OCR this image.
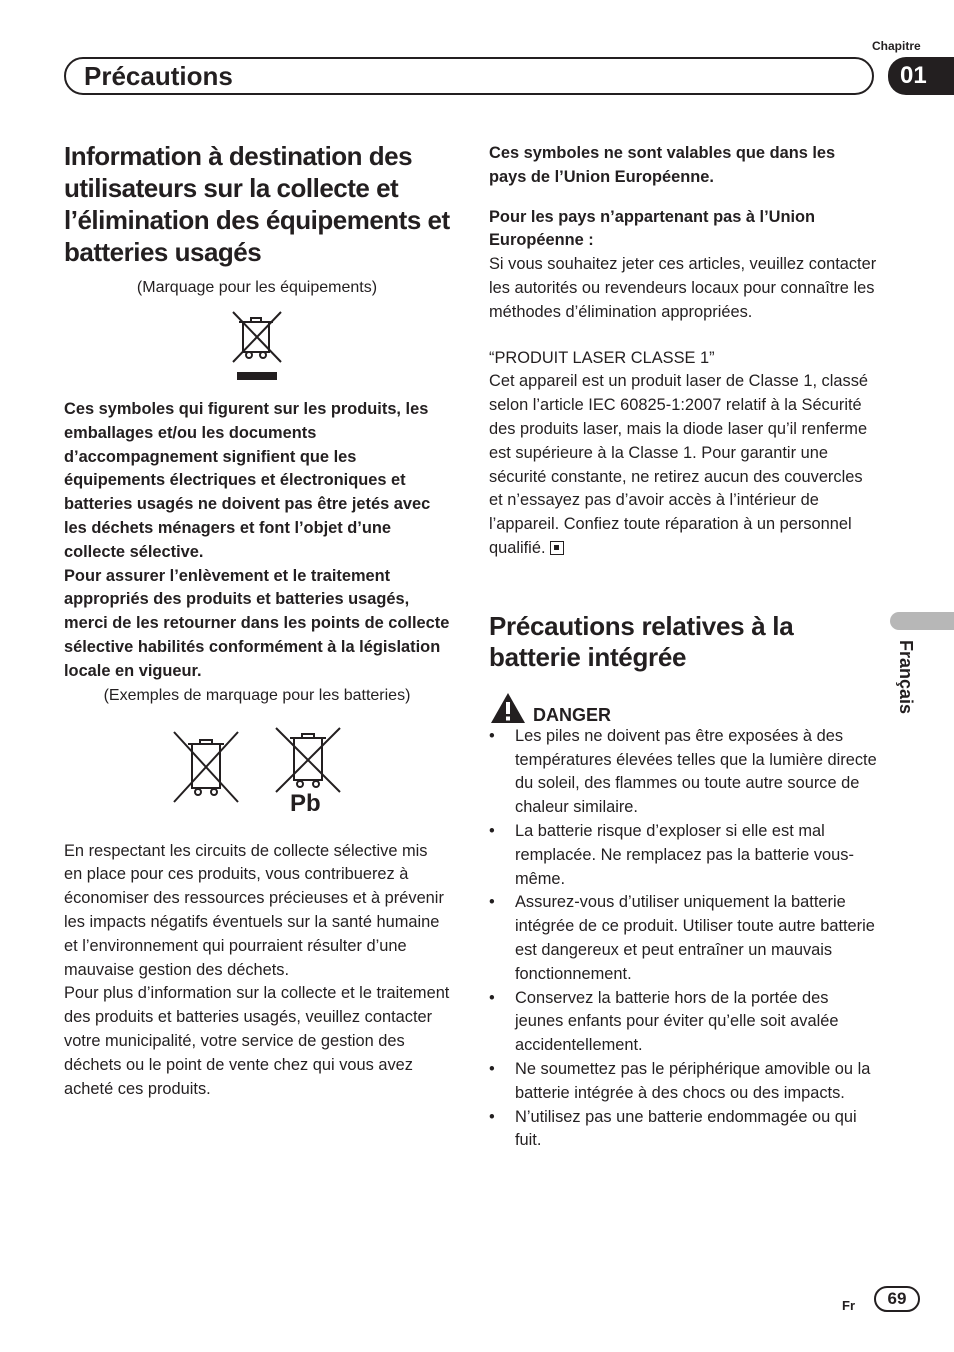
Chapitre
01
Précautions
Français
Information à destination des utilisateurs sur la collecte et l’élimination des équipements et batteries usagés
(Marquage pour les équipements)

Ces symboles qui figurent sur les produits, les emballages et/ou les documents d’accompagnement signifient que les équipements électriques et électroniques et batteries usagés ne doivent pas être jetés avec les déchets ménagers et font l’objet d’une collecte sélective.

Pour assurer l’enlèvement et le traitement appropriés des produits et batteries usagés, merci de les retourner dans les points de collecte sélective habilités conformément à la législation locale en vigueur.

(Exemples de marquage pour les batteries)
Pb

En respectant les circuits de collecte sélective mis en place pour ces produits, vous contribuerez à économiser des ressources précieuses et à prévenir les impacts négatifs éventuels sur la santé humaine et l’environnement qui pourraient résulter d’une mauvaise gestion des déchets.

Pour plus d’information sur la collecte et le traitement des produits et batteries usagés, veuillez contacter votre municipalité, votre service de gestion des déchets ou le point de vente chez qui vous avez acheté ces produits.

Ces symboles ne sont valables que dans les pays de l’Union Européenne.

Pour les pays n’appartenant pas à l’Union Européenne :

Si vous souhaitez jeter ces articles, veuillez contacter les autorités ou revendeurs locaux pour connaître les méthodes d’élimination appropriées.

“PRODUIT LASER CLASSE 1”

Cet appareil est un produit laser de Classe 1, classé selon l’article IEC 60825-1:2007 relatif à la Sécurité des produits laser, mais la diode laser qu’il renferme est supérieure à la Classe 1. Pour garantir une sécurité constante, ne retirez aucun des couvercles et n’essayez pas d’avoir accès à l’intérieur de l’appareil. Confiez toute réparation à un personnel qualifié.

Précautions relatives à la batterie intégrée
DANGER
• Les piles ne doivent pas être exposées à des températures élevées telles que la lumière directe du soleil, des flammes ou toute autre source de chaleur similaire.
• La batterie risque d’exploser si elle est mal remplacée. Ne remplacez pas la batterie vous-même.
• Assurez-vous d’utiliser uniquement la batterie intégrée de ce produit. Utiliser toute autre batterie est dangereux et peut entraîner un mauvais fonctionnement.
• Conservez la batterie hors de la portée des jeunes enfants pour éviter qu’elle soit avalée accidentellement.
• Ne soumettez pas le périphérique amovible ou la batterie intégrée à des chocs ou des impacts.
• N’utilisez pas une batterie endommagée ou qui fuit.
Fr	69
